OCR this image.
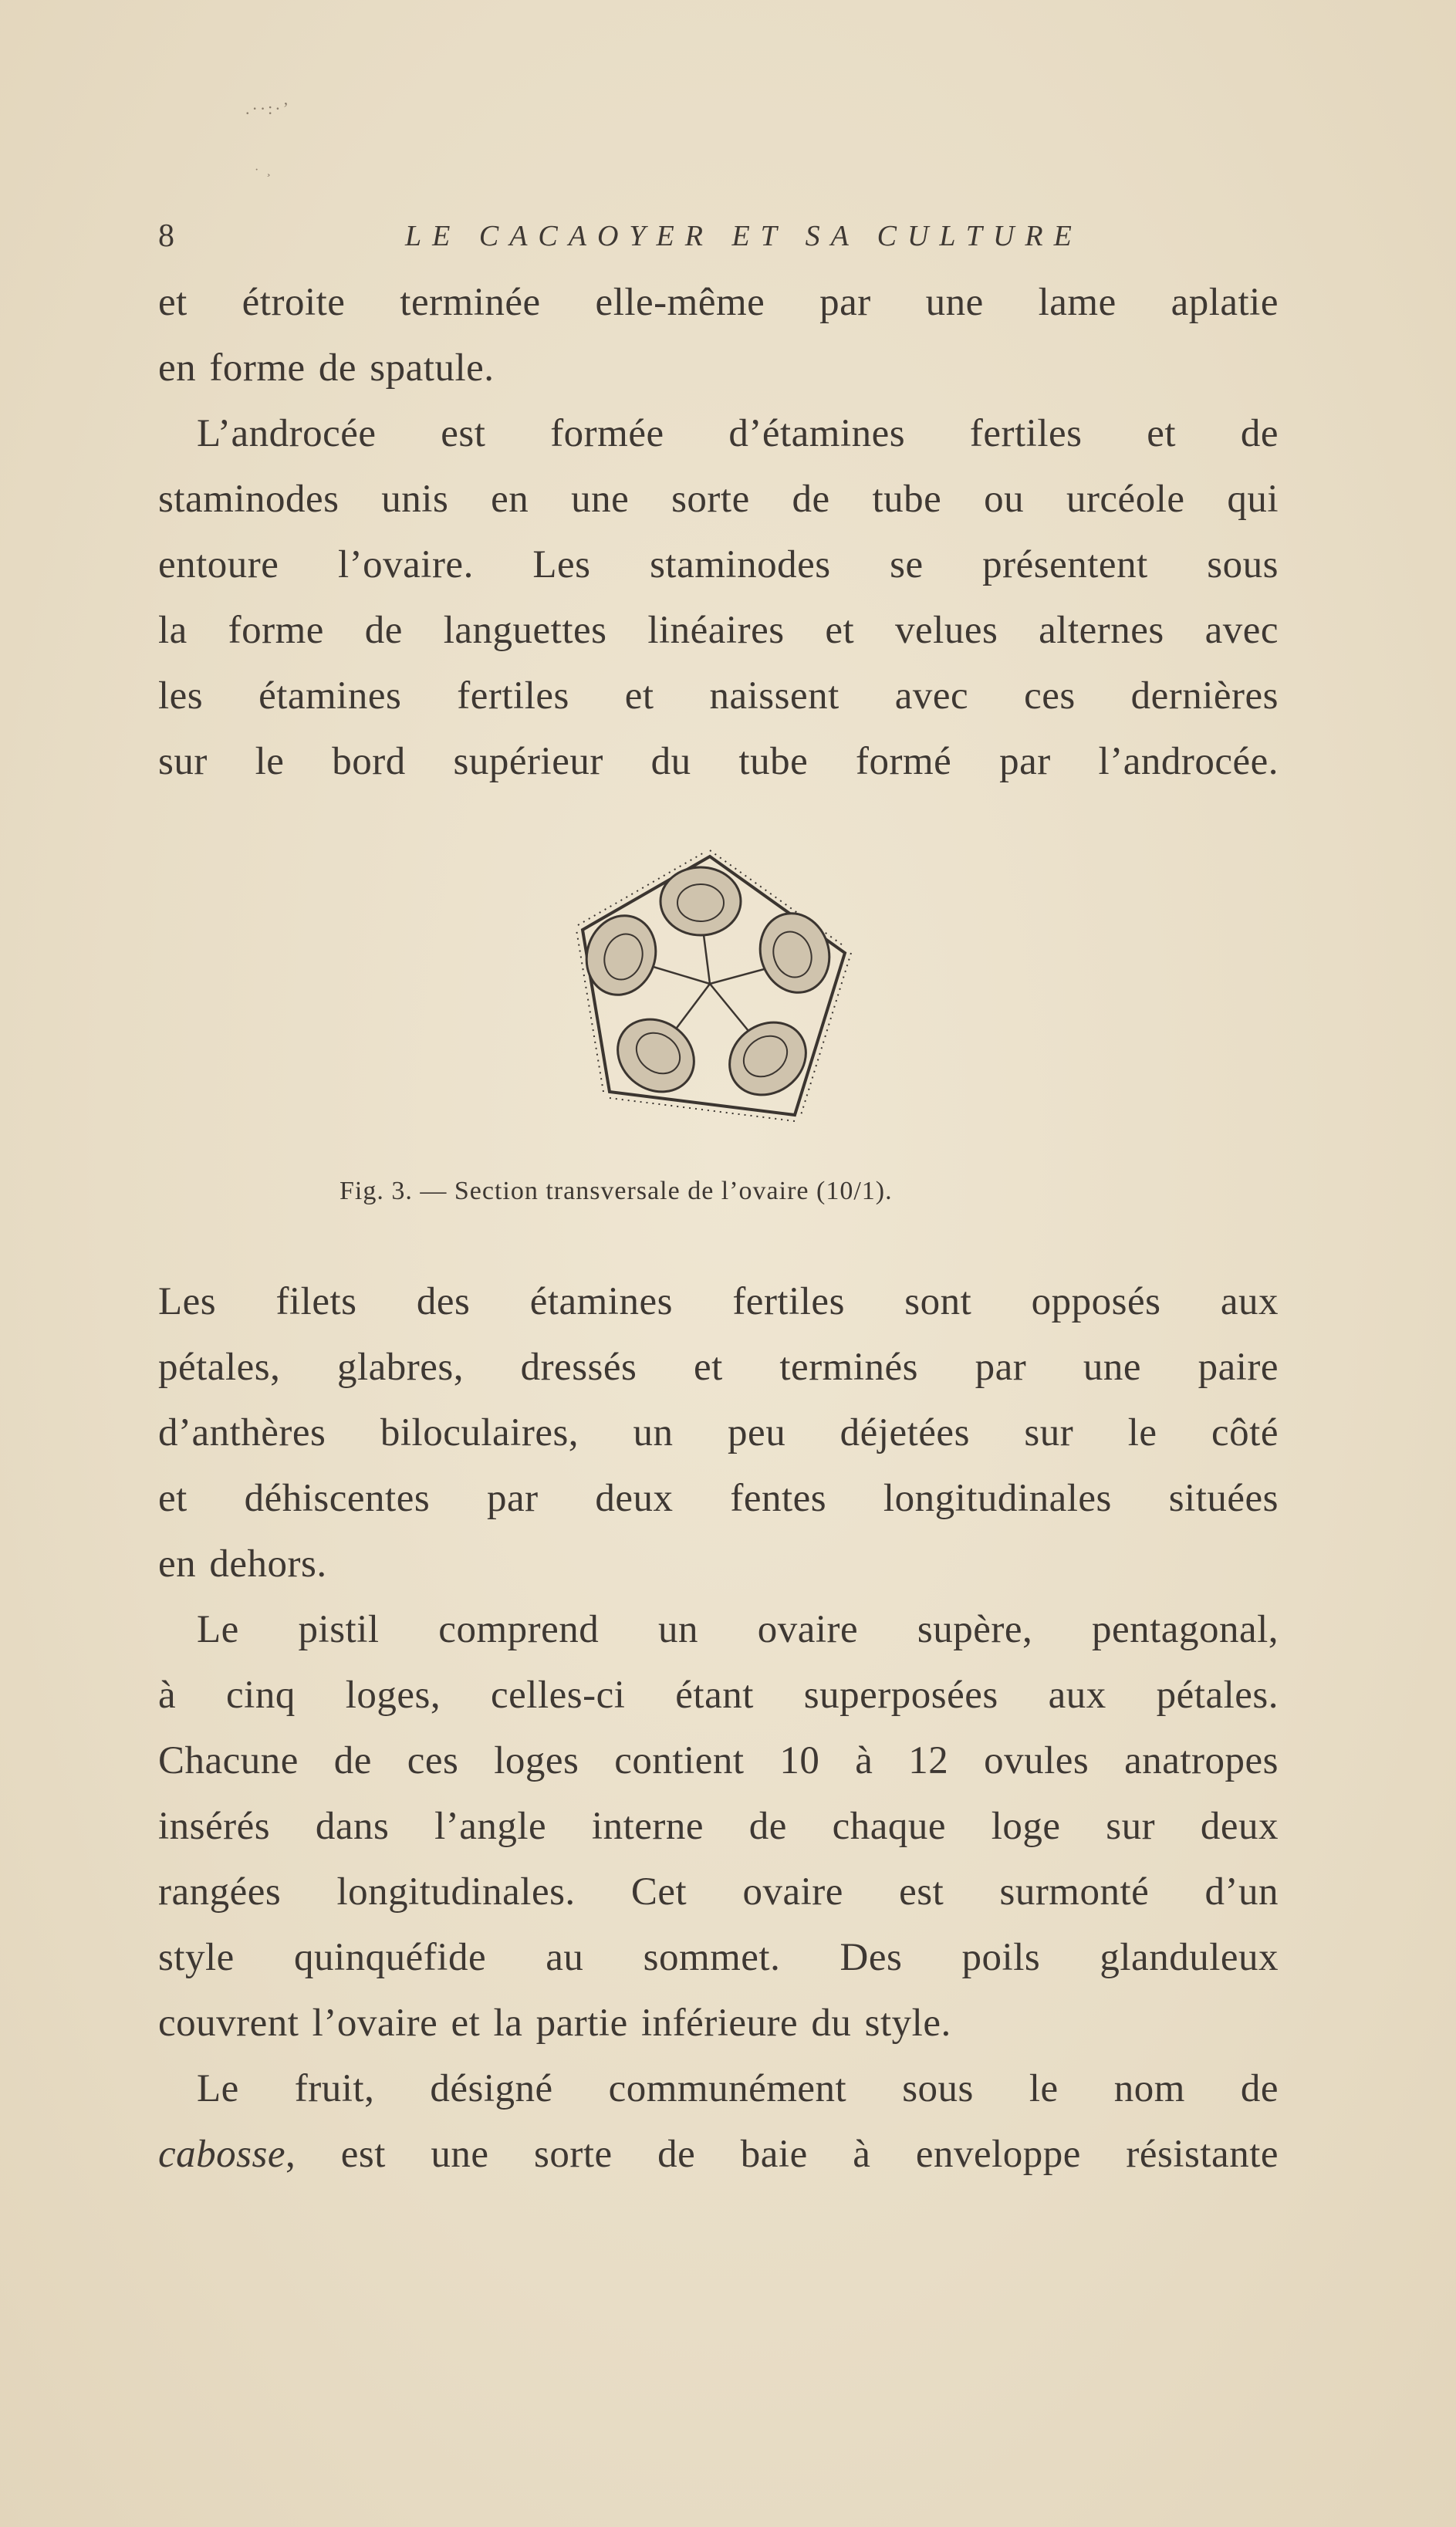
.··:·ʼ
· ¸
8	LE CACAOYER ET SA CULTURE
et étroite terminée elle-même par une lame aplatie
en forme de spatule.
L’androcée est formée d’étamines fertiles et de
staminodes unis en une sorte de tube ou urcéole qui
entoure l’ovaire. Les staminodes se présentent sous
la forme de languettes linéaires et velues alternes avec
les étamines fertiles et naissent avec ces dernières
sur le bord supérieur du tube formé par l’androcée.
Fig. 3. — Section transversale de l’ovaire (10/1).
Les filets des étamines fertiles sont opposés aux
pétales, glabres, dressés et terminés par une paire
d’anthères biloculaires, un peu déjetées sur le côté
et déhiscentes par deux fentes longitudinales situées
en dehors.
Le pistil comprend un ovaire supère, pentagonal,
à cinq loges, celles-ci étant superposées aux pétales.
Chacune de ces loges contient 10 à 12 ovules anatropes
insérés dans l’angle interne de chaque loge sur deux
rangées longitudinales. Cet ovaire est surmonté d’un
style quinquéfide au sommet. Des poils glanduleux
couvrent l’ovaire et la partie inférieure du style.
Le fruit, désigné communément sous le nom de
cabosse, est une sorte de baie à enveloppe résistante
